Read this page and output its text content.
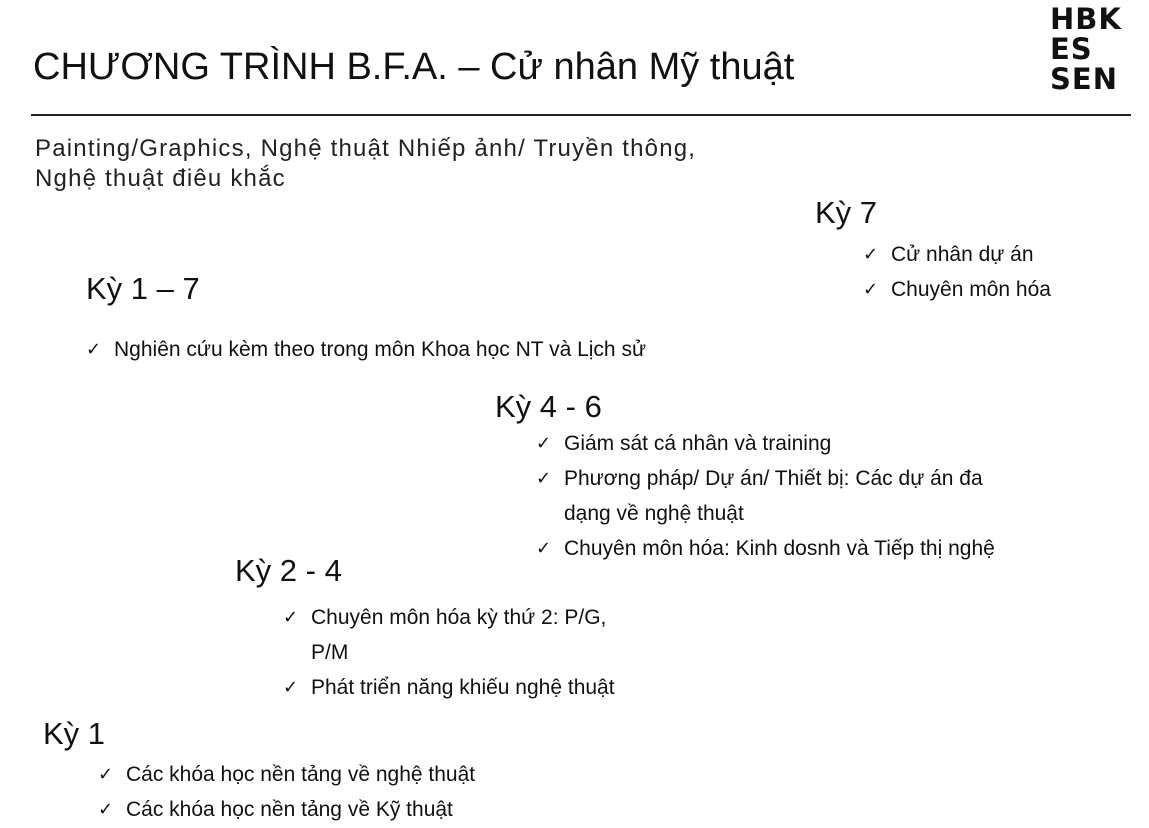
CHƯƠNG TRÌNH B.F.A. – Cử nhân Mỹ thuật
HBK
ES
SEN
Painting/Graphics, Nghệ thuật Nhiếp ảnh/ Truyền thông, Nghệ thuật điêu khắc
Kỳ 7
✓ Cử nhân dự án
✓ Chuyên môn hóa
Kỳ 1 – 7
✓ Nghiên cứu kèm theo trong môn Khoa học NT và Lịch sử
Kỳ 4 - 6
✓ Giám sát cá nhân và training
✓ Phương pháp/ Dự án/ Thiết bị: Các dự án đa dạng về nghệ thuật
✓ Chuyên môn hóa: Kinh dosnh và Tiếp thị nghệ
Kỳ 2 - 4
✓ Chuyên môn hóa kỳ thứ 2: P/G, P/M
✓ Phát triển năng khiếu nghệ thuật
Kỳ 1
✓ Các khóa học nền tảng về nghệ thuật
✓ Các khóa học nền tảng về Kỹ thuật
